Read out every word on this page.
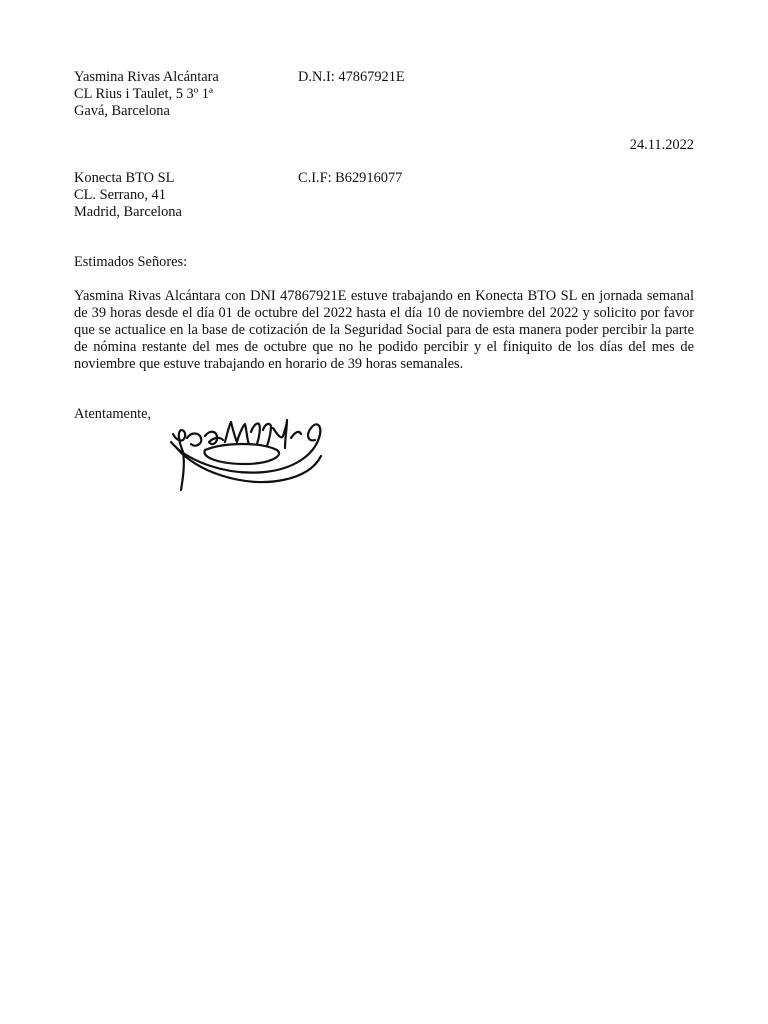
Yasmina Rivas Alcántara	D.N.I: 47867921E
CL Rius i Taulet, 5 3º 1ª
Gavá, Barcelona
24.11.2022
Konecta BTO SL	C.I.F: B62916077
CL. Serrano, 41
Madrid, Barcelona
Estimados Señores:
Yasmina Rivas Alcántara con DNI 47867921E estuve trabajando en Konecta BTO SL en jornada semanal de 39 horas desde el día 01 de octubre del 2022 hasta el día 10 de noviembre del 2022 y solicito por favor que se actualice en la base de cotización de la Seguridad Social para de esta manera poder percibir la parte de nómina restante del mes de octubre que no he podido percibir y el finiquito de los días del mes de noviembre que estuve trabajando en horario de 39 horas semanales.
Atentamente,
